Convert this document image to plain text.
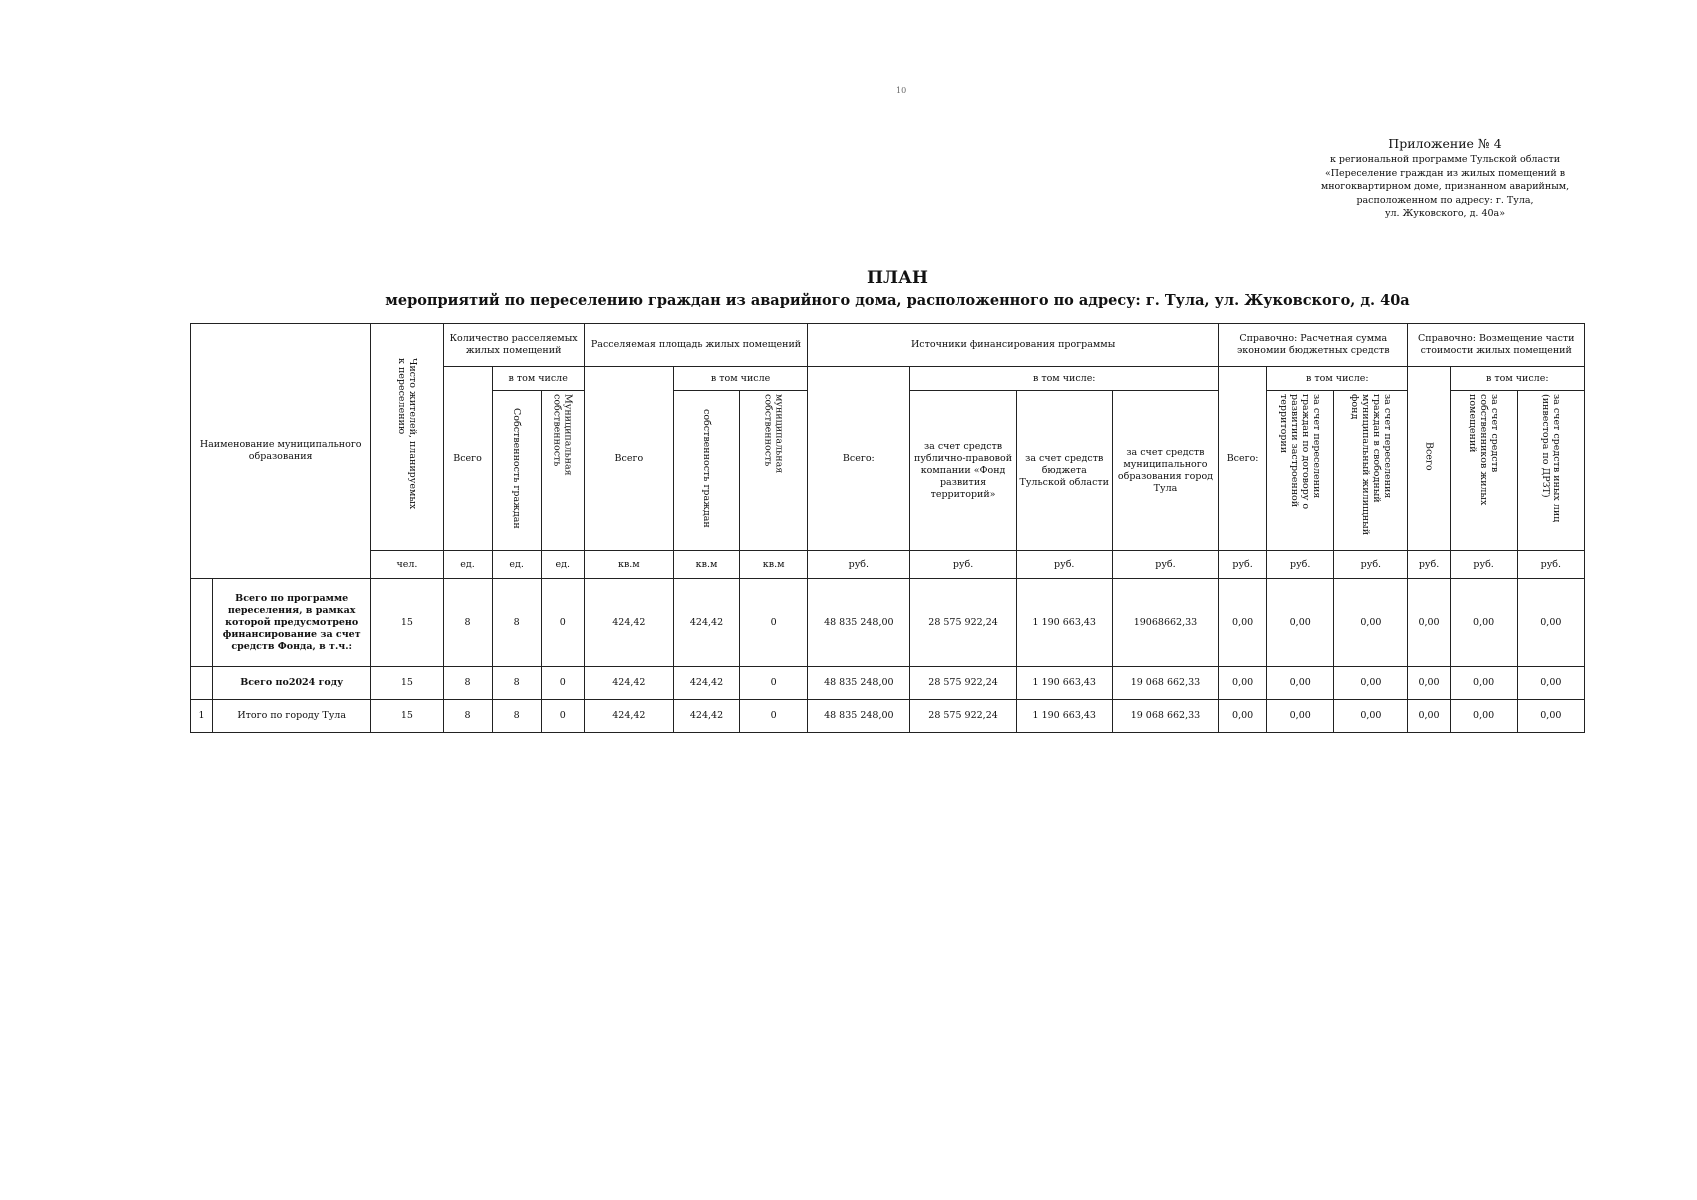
10
Приложение № 4
к региональной программе Тульской области
«Переселение граждан из жилых помещений в
многоквартирном доме, признанном аварийным,
расположенном по адресу: г. Тула,
ул. Жуковского, д. 40а»
ПЛАН
мероприятий по переселению граждан из аварийного дома, расположенного по адресу: г. Тула, ул. Жуковского, д. 40а
Наименование муниципального образования		Чисто жителей, планируемых к переселению	Количество расселяемых жилых помещений			Расселяемая площадь жилых помещений			Источники финансирования программы				Справочно: Расчетная сумма экономии бюджетных средств			Справочно: Возмещение части стоимости жилых помещений		
			Всего	в том числе		Всего	в том числе		Всего:	в том числе:			Всего:	в том числе:		Всего	в том числе:	
				Собственность граждан	Муниципальная собственность		собственность граждан	муниципальная собственность		за счет средств публично-правовой компании «Фонд развития территорий»	за счет средств бюджета Тульской области	за счет средств муниципального образования город Тула		за счет переселения граждан по договору о развитии застроенной территории	за счет переселения граждан в свободный муниципальный жилищный фонд		за счет средств собственников жилых помещений	за счет средств иных лиц (инвестора по ДРЗТ)
		чел.	ед.	ед.	ед.	кв.м	кв.м	кв.м	руб.	руб.	руб.	руб.	руб.	руб.	руб.	руб.	руб.	руб.
	Всего по программе переселения, в рамках которой предусмотрено финансирование за счет средств Фонда, в т.ч.:	15	8	8	0	424,42	424,42	0	48 835 248,00	28 575 922,24	1 190 663,43	19068662,33	0,00	0,00	0,00	0,00	0,00	0,00
	Всего по2024 году	15	8	8	0	424,42	424,42	0	48 835 248,00	28 575 922,24	1 190 663,43	19 068 662,33	0,00	0,00	0,00	0,00	0,00	0,00
1	Итого по городу Тула	15	8	8	0	424,42	424,42	0	48 835 248,00	28 575 922,24	1 190 663,43	19 068 662,33	0,00	0,00	0,00	0,00	0,00	0,00
